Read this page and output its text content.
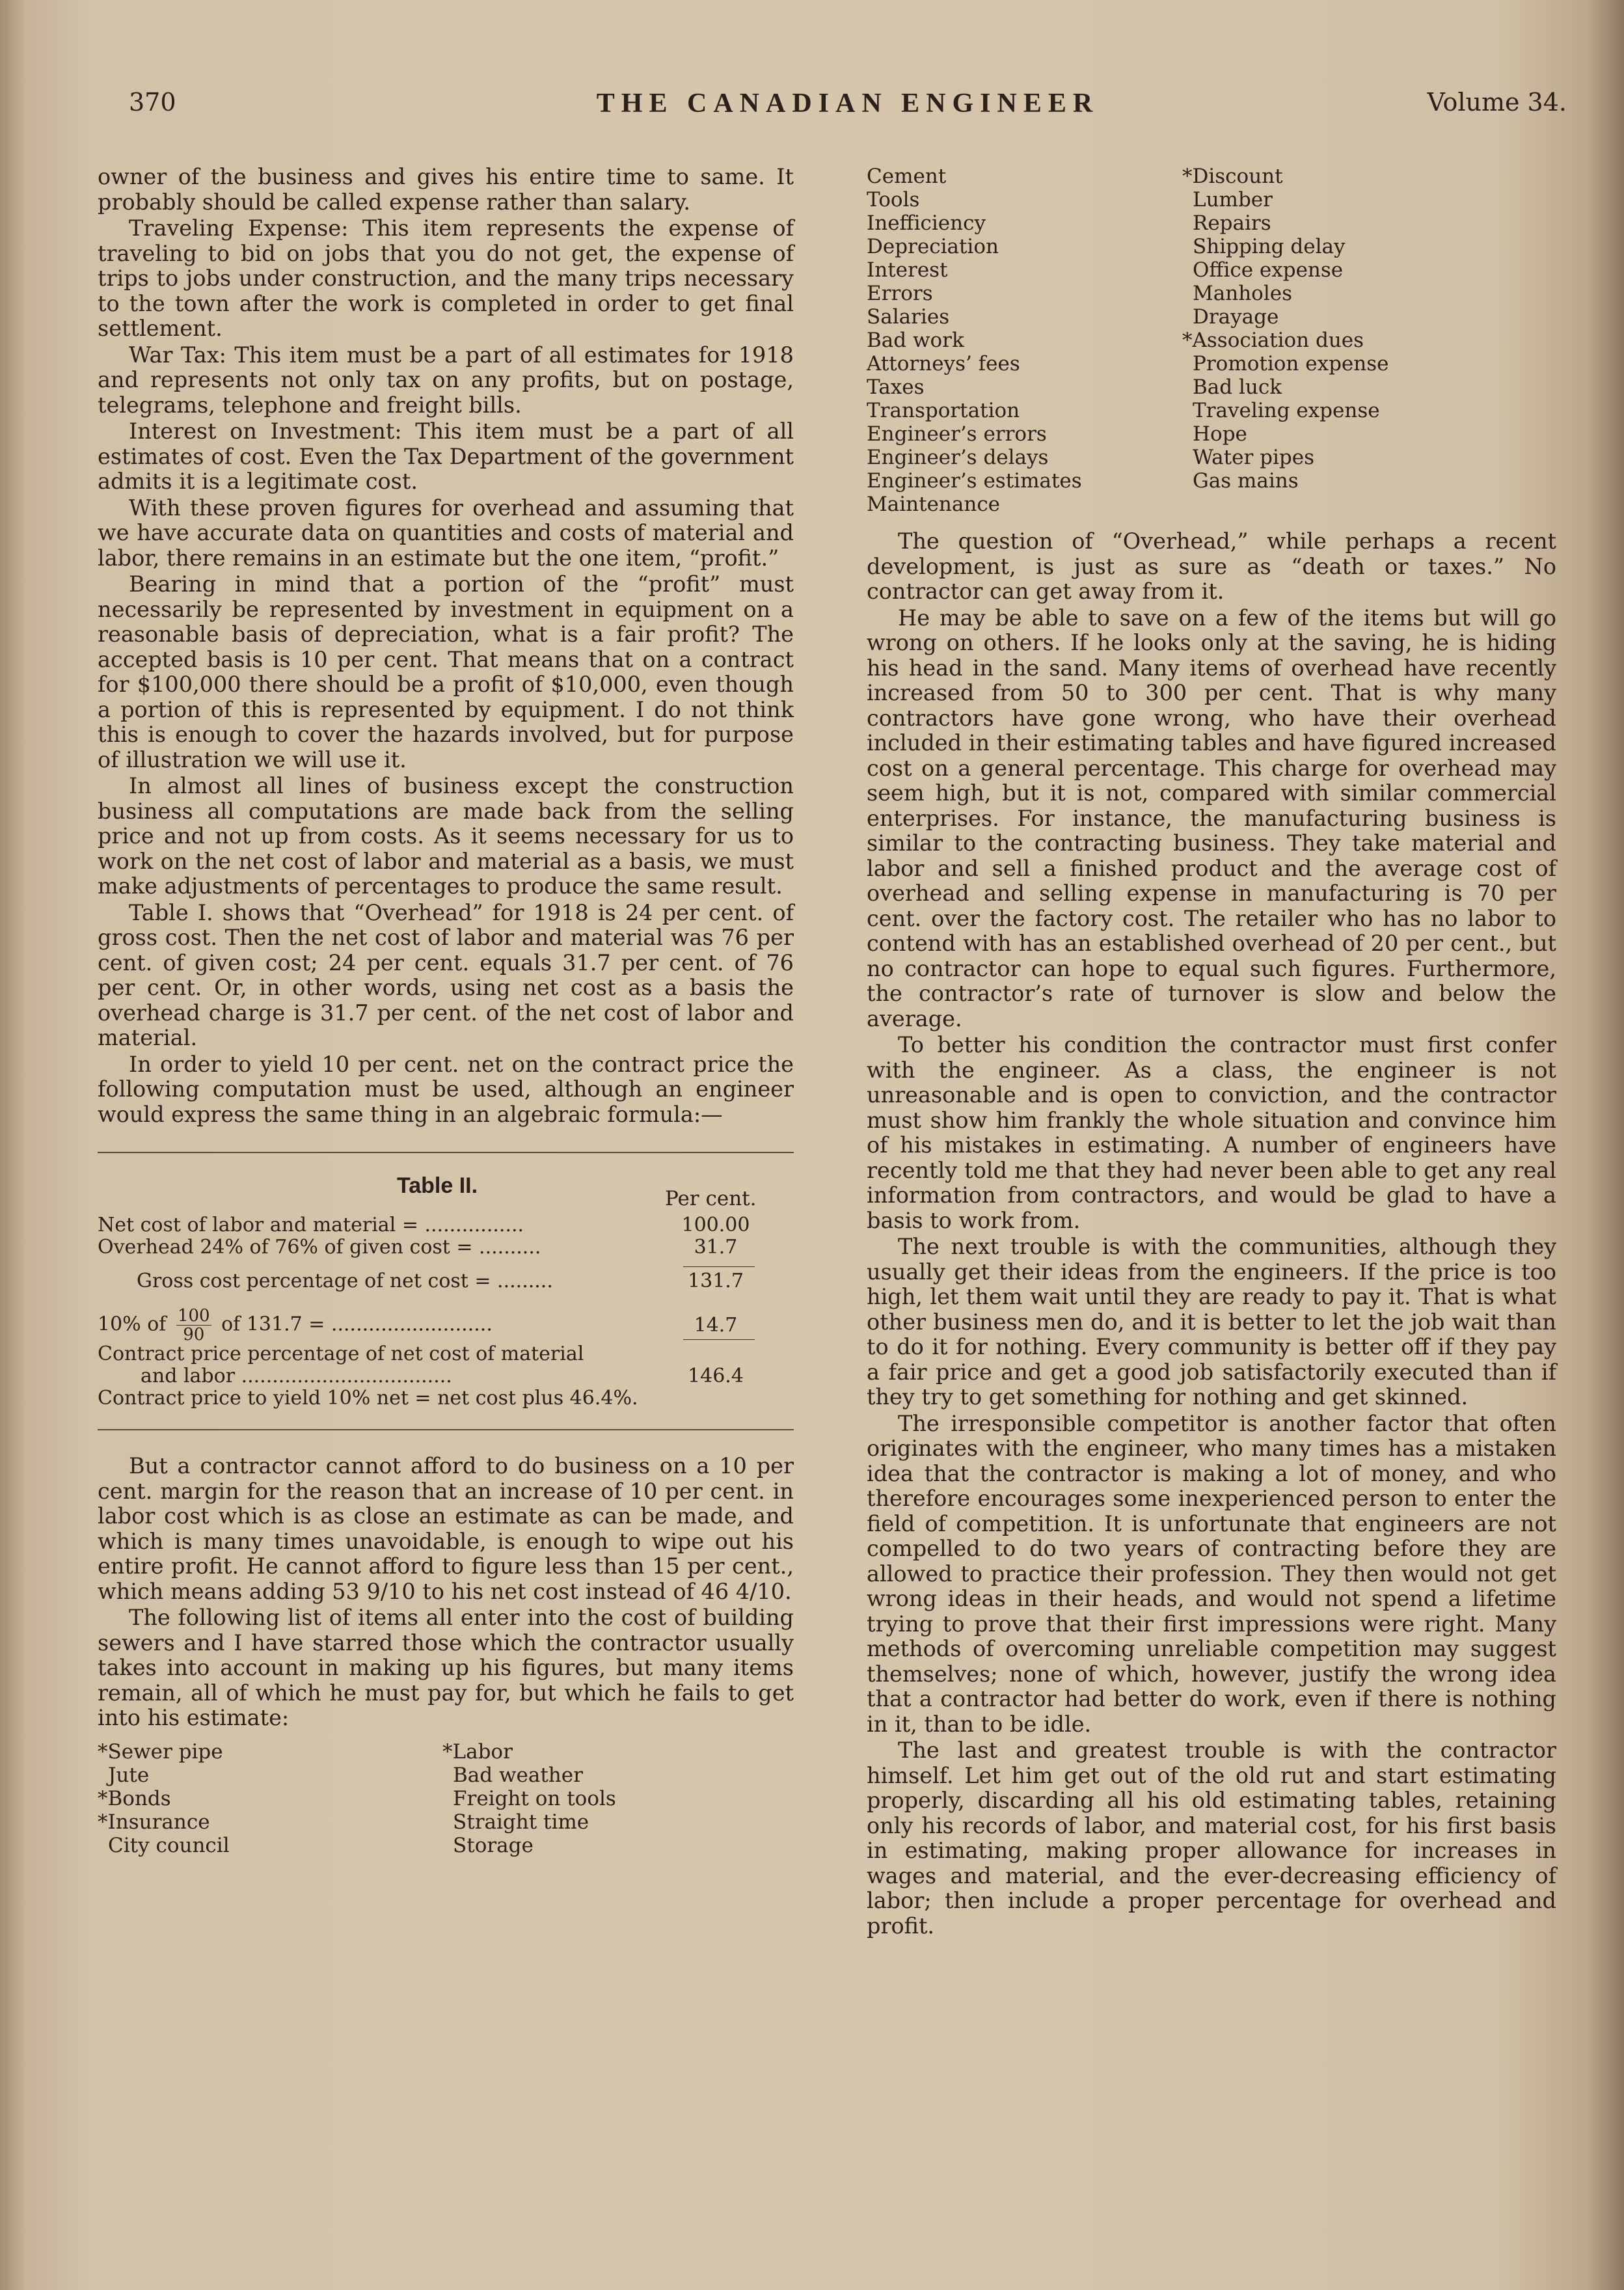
370	THE CANADIAN ENGINEER	Volume 34.

owner of the business and gives his entire time to same. It probably should be called expense rather than salary.

Traveling Expense: This item represents the expense of traveling to bid on jobs that you do not get, the expense of trips to jobs under construction, and the many trips necessary to the town after the work is completed in order to get final settlement.

War Tax: This item must be a part of all estimates for 1918 and represents not only tax on any profits, but on postage, telegrams, telephone and freight bills.

Interest on Investment: This item must be a part of all estimates of cost. Even the Tax Department of the government admits it is a legitimate cost.

With these proven figures for overhead and assuming that we have accurate data on quantities and costs of material and labor, there remains in an estimate but the one item, “profit.”

Bearing in mind that a portion of the “profit” must necessarily be represented by investment in equipment on a reasonable basis of depreciation, what is a fair profit? The accepted basis is 10 per cent. That means that on a contract for $100,000 there should be a profit of $10,000, even though a portion of this is represented by equipment. I do not think this is enough to cover the hazards involved, but for purpose of illustration we will use it.

In almost all lines of business except the construction business all computations are made back from the selling price and not up from costs. As it seems necessary for us to work on the net cost of labor and material as a basis, we must make adjustments of percentages to produce the same result.

Table I. shows that “Overhead” for 1918 is 24 per cent. of gross cost. Then the net cost of labor and material was 76 per cent. of given cost; 24 per cent. equals 31.7 per cent. of 76 per cent. Or, in other words, using net cost as a basis the overhead charge is 31.7 per cent. of the net cost of labor and material.

In order to yield 10 per cent. net on the contract price the following computation must be used, although an engineer would express the same thing in an algebraic formula:—

Table II.
Per cent.
Net cost of labor and material = ................	100.00
Overhead 24% of 76% of given cost = ..........	31.7
Gross cost percentage of net cost = .........	131.7
10% of $\frac{100}{90}$ of 131.7 = ..........................	14.7
Contract price percentage of net cost of material
and labor ..................................	146.4
Contract price to yield 10% net = net cost plus 46.4%.

But a contractor cannot afford to do business on a 10 per cent. margin for the reason that an increase of 10 per cent. in labor cost which is as close an estimate as can be made, and which is many times unavoidable, is enough to wipe out his entire profit. He cannot afford to figure less than 15 per cent., which means adding 53 9/10 to his net cost instead of 46 4/10.

The following list of items all enter into the cost of building sewers and I have starred those which the contractor usually takes into account in making up his figures, but many items remain, all of which he must pay for, but which he fails to get into his estimate:

*Sewer pipe	*Labor
Jute	Bad weather
*Bonds	Freight on tools
*Insurance	Straight time
City council	Storage
Cement	*Discount
Tools	Lumber
Inefficiency	Repairs
Depreciation	Shipping delay
Interest	Office expense
Errors	Manholes
Salaries	Drayage
Bad work	*Association dues
Attorneys’ fees	Promotion expense
Taxes	Bad luck
Transportation	Traveling expense
Engineer’s errors	Hope
Engineer’s delays	Water pipes
Engineer’s estimates	Gas mains
Maintenance

The question of “Overhead,” while perhaps a recent development, is just as sure as “death or taxes.” No contractor can get away from it.

He may be able to save on a few of the items but will go wrong on others. If he looks only at the saving, he is hiding his head in the sand. Many items of overhead have recently increased from 50 to 300 per cent. That is why many contractors have gone wrong, who have their overhead included in their estimating tables and have figured increased cost on a general percentage. This charge for overhead may seem high, but it is not, compared with similar commercial enterprises. For instance, the manufacturing business is similar to the contracting business. They take material and labor and sell a finished product and the average cost of overhead and selling expense in manufacturing is 70 per cent. over the factory cost. The retailer who has no labor to contend with has an established overhead of 20 per cent., but no contractor can hope to equal such figures. Furthermore, the contractor’s rate of turnover is slow and below the average.

To better his condition the contractor must first confer with the engineer. As a class, the engineer is not unreasonable and is open to conviction, and the contractor must show him frankly the whole situation and convince him of his mistakes in estimating. A number of engineers have recently told me that they had never been able to get any real information from contractors, and would be glad to have a basis to work from.

The next trouble is with the communities, although they usually get their ideas from the engineers. If the price is too high, let them wait until they are ready to pay it. That is what other business men do, and it is better to let the job wait than to do it for nothing. Every community is better off if they pay a fair price and get a good job satisfactorily executed than if they try to get something for nothing and get skinned.

The irresponsible competitor is another factor that often originates with the engineer, who many times has a mistaken idea that the contractor is making a lot of money, and who therefore encourages some inexperienced person to enter the field of competition. It is unfortunate that engineers are not compelled to do two years of contracting before they are allowed to practice their profession. They then would not get wrong ideas in their heads, and would not spend a lifetime trying to prove that their first impressions were right. Many methods of overcoming unreliable competition may suggest themselves; none of which, however, justify the wrong idea that a contractor had better do work, even if there is nothing in it, than to be idle.

The last and greatest trouble is with the contractor himself. Let him get out of the old rut and start estimating properly, discarding all his old estimating tables, retaining only his records of labor, and material cost, for his first basis in estimating, making proper allowance for increases in wages and material, and the ever-decreasing efficiency of labor; then include a proper percentage for overhead and profit.
